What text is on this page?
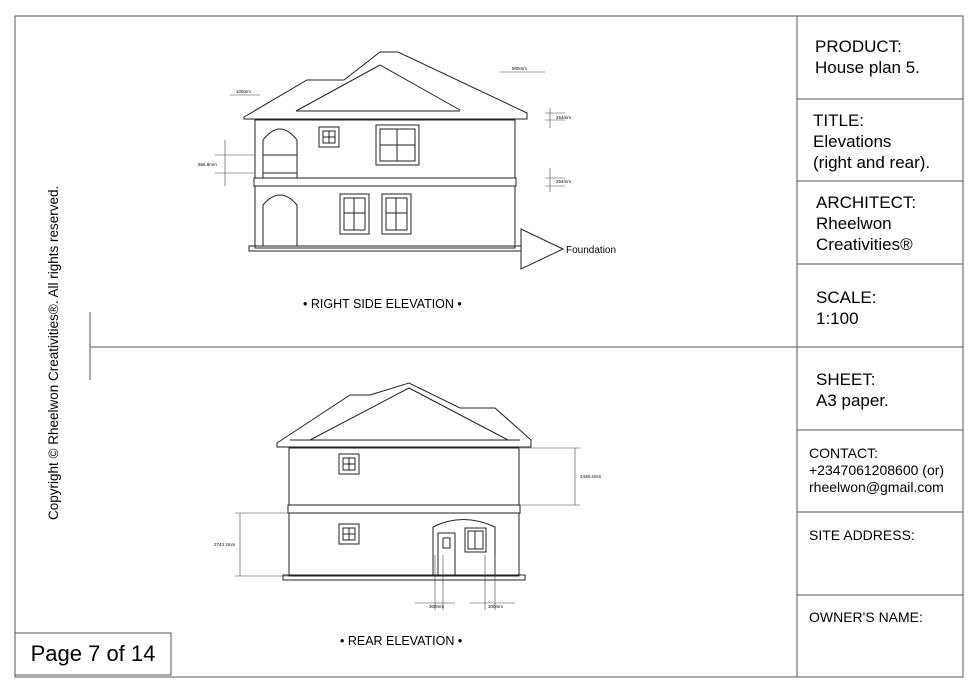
100mm
500mm
254mm
254mm
665.8mm
Foundation
2436.4mm
2743.2mm
300mm	300mm
Copyright © Rheelwon Creativities®. All rights reserved.	• RIGHT SIDE ELEVATION •
• REAR ELEVATION •
PRODUCT:
House plan 5.
TITLE:
Elevations
(right and rear).
ARCHITECT:
Rheelwon
Creativities®
SCALE:
1:100
SHEET:
A3 paper.
CONTACT:
+2347061208600 (or)
rheelwon@gmail.com
SITE ADDRESS:
OWNER'S NAME:
Page 7 of 14
